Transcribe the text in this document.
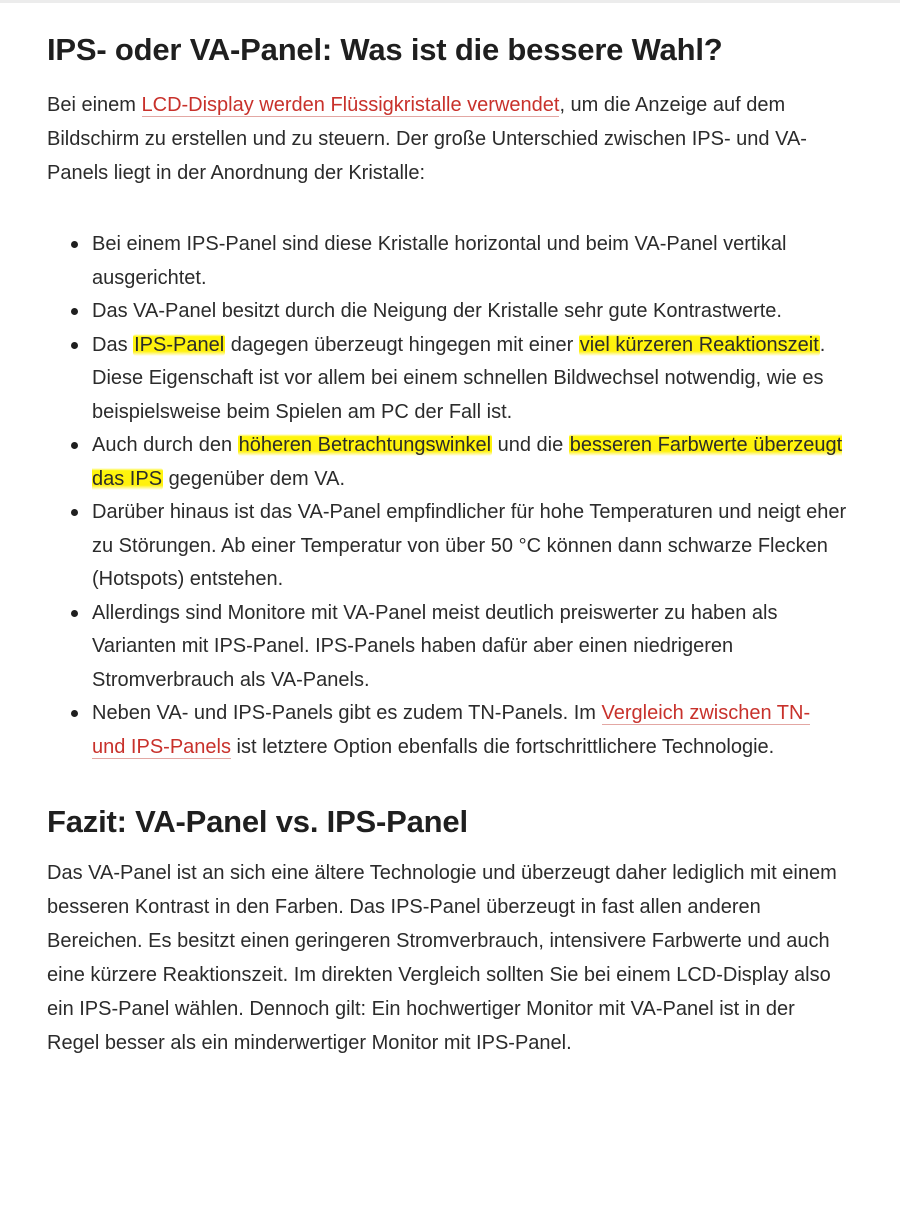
IPS- oder VA-Panel: Was ist die bessere Wahl?

Bei einem LCD-Display werden Flüssigkristalle verwendet, um die Anzeige auf dem Bildschirm zu erstellen und zu steuern. Der große Unterschied zwischen IPS- und VA-Panels liegt in der Anordnung der Kristalle:

Bei einem IPS-Panel sind diese Kristalle horizontal und beim VA-Panel vertikal ausgerichtet.
Das VA-Panel besitzt durch die Neigung der Kristalle sehr gute Kontrastwerte.
Das IPS-Panel dagegen überzeugt hingegen mit einer viel kürzeren Reaktionszeit. Diese Eigenschaft ist vor allem bei einem schnellen Bildwechsel notwendig, wie es beispielsweise beim Spielen am PC der Fall ist.
Auch durch den höheren Betrachtungswinkel und die besseren Farbwerte überzeugt das IPS gegenüber dem VA.
Darüber hinaus ist das VA-Panel empfindlicher für hohe Temperaturen und neigt eher zu Störungen. Ab einer Temperatur von über 50 °C können dann schwarze Flecken (Hotspots) entstehen.
Allerdings sind Monitore mit VA-Panel meist deutlich preiswerter zu haben als Varianten mit IPS-Panel. IPS-Panels haben dafür aber einen niedrigeren Stromverbrauch als VA-Panels.
Neben VA- und IPS-Panels gibt es zudem TN-Panels. Im Vergleich zwischen TN- und IPS-Panels ist letztere Option ebenfalls die fortschrittlichere Technologie.
Fazit: VA-Panel vs. IPS-Panel

Das VA-Panel ist an sich eine ältere Technologie und überzeugt daher lediglich mit einem besseren Kontrast in den Farben. Das IPS-Panel überzeugt in fast allen anderen Bereichen. Es besitzt einen geringeren Stromverbrauch, intensivere Farbwerte und auch eine kürzere Reaktionszeit. Im direkten Vergleich sollten Sie bei einem LCD-Display also ein IPS-Panel wählen. Dennoch gilt: Ein hochwertiger Monitor mit VA-Panel ist in der Regel besser als ein minderwertiger Monitor mit IPS-Panel.
